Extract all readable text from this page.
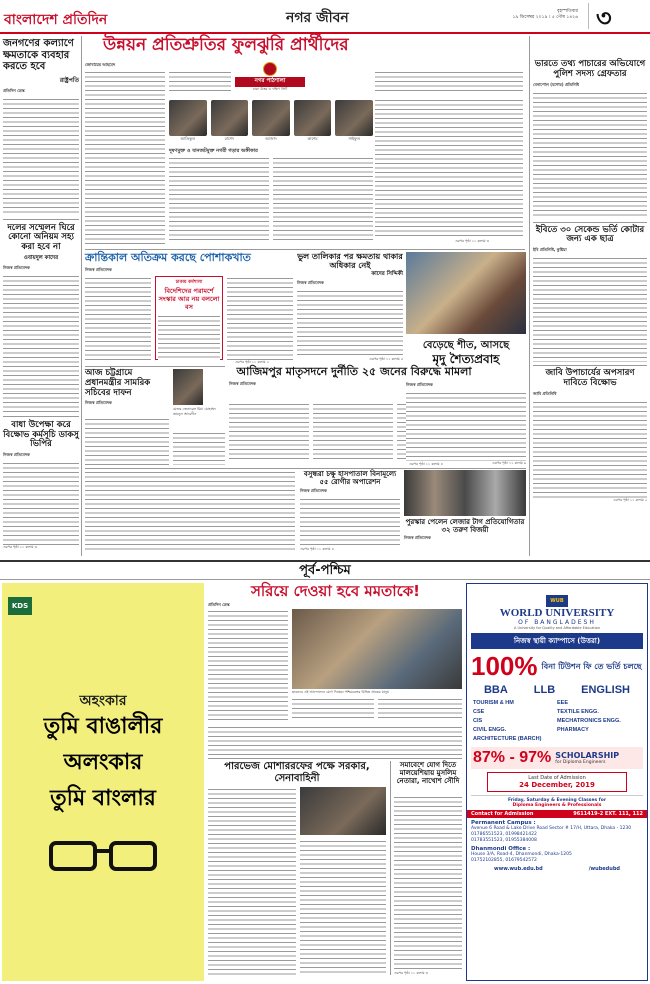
বাংলাদেশ প্রতিদিন	নগর জীবন	বৃহস্পতিবার
১৯ ডিসেম্বর ২০১৯ । ৫ পৌষ ১৪২৬ ৩
জনগণের কল্যাণে ক্ষমতাকে ব্যবহার করতে হবে
রাষ্ট্রপতি
প্রতিদিন ডেস্ক
দলের সম্মেলন ঘিরে কোনো অনিয়ম সহ্য করা হবে না
ওবায়দুল কাদের
নিজস্ব প্রতিবেদক
বাধা উপেক্ষা করে বিক্ষোভ কর্মসূচি ডাকসু ভিপির
নিজস্ব প্রতিবেদক
এরপর পৃষ্ঠা ১১ কলাম ৩
উন্নয়ন প্রতিশ্রুতির ফুলঝুরি প্রার্থীদের
জোবায়ের আহমেদ
নগর পাঠশালা
ঢাকা উত্তর ও দক্ষিণ সিটি
আতিকুল	রাশেদ	আজাদ	কাশেম	সাইফুল
দূষণমুক্ত ও যানজটমুক্ত নগরী গড়ার অঙ্গীকার
এরপর পৃষ্ঠা ১১ কলাম ৩
ভারতে তথ্য পাচারের অভিযোগে পুলিশ সদস্য গ্রেফতার
বেনাপোল (যশোর) প্রতিনিধি
ইবিতে ৩০ সেকেন্ড ভর্তি কোটার জন্য এক ছাত্র
ইবি প্রতিনিধি, কুষ্টিয়া
জাবি উপাচার্যের অপসারণ দাবিতে বিক্ষোভ
জাবি প্রতিনিধি
এরপর পৃষ্ঠা ১১ কলাম ২
ক্রান্তিকাল অতিক্রম করছে পোশাকখাত
নিজস্ব প্রতিবেদক
ঢাকায় কর্মশালা
বিদেশিদের পরামর্শে সংস্কার আর নয় বললো বস
এরপর পৃষ্ঠা ১১ কলাম ২
আজ চট্টগ্রামে প্রধানমন্ত্রীর সামরিক সচিবের দাফন
নিজস্ব প্রতিবেদক
মেজর জেনারেল মিয়া মোহাম্মদ জয়নুল আবেদীন
আজিমপুর মাতৃসদনে দুর্নীতি ২৫ জনের বিরুদ্ধে মামলা
নিজস্ব প্রতিবেদক
এরপর পৃষ্ঠা ১১ কলাম ৪
ভুল তালিকার পর ক্ষমতায় থাকার অধিকার নেই
কাদের সিদ্দিকী
নিজস্ব প্রতিবেদক
এরপর পৃষ্ঠা ১১ কলাম ৫
বেড়েছে শীত, আসছে
মৃদু শৈত্যপ্রবাহ
নিজস্ব প্রতিবেদক
এরপর পৃষ্ঠা ১১ কলাম ৬
বসুন্ধরা চক্ষু হাসপাতাল বিনামূল্যে ৫৫ রোগীর অপারেশন
নিজস্ব প্রতিবেদক
এরপর পৃষ্ঠা ১১ কলাম ৪
পুরস্কার পেলেন লেজার টাগ প্রতিযোগিতার ৩২ তরুণ বিজয়ী
নিজস্ব প্রতিবেদক
পূর্ব-পশ্চিম
KDS
অহংকার
তুমি বাঙালীর
অলংকার
তুমি বাংলার
সরিয়ে দেওয়া হবে মমতাকে!
প্রতিদিন ডেস্ক
ছাত্রদের এই আন্দোলনে যোগ দিচ্ছেন পশ্চিমবঙ্গের বিভিন্ন প্রান্তের মানুষ
পারভেজ মোশাররফের পক্ষে সরকার, সেনাবাহিনী
সমাবেশে যোগ দিতে মালয়েশিয়ায় মুসলিম নেতারা, নাখোশ সৌদি
এরপর পৃষ্ঠা ১১ কলাম ৩
WUB
WORLD UNIVERSITY
OF BANGLADESH
A University for Quality and Affordable Education
নিজস্ব স্থায়ী ক্যাম্পাসে (উত্তরা)
100% বিনা টিউশন ফি তে ভর্তি চলছে
BBA LLB ENGLISH
TOURISM & HM
CSE
CIS
CIVIL ENGG.
ARCHITECTURE (BARCH)
EEE
TEXTILE ENGG.
MECHATRONICS ENGG.
PHARMACY
87% - 97% SCHOLARSHIP
for Diploma Engineers
Last Date of Admission
24 December, 2019
Friday, Saturday & Evening Classes for
Diploma Engineers & Professionals
Contact for Admission	9611419-2 EXT. 111, 112
Permanent Campus :
Avenue 6 Road & Lake Drive Road Sector # 17/H, Uttara, Dhaka - 1230
01786551523, 01998421422
01783551523, 01955384008
Dhanmondi Office :
House 3/A, Road-4, Dhanmondi, Dhaka-1205
01752102855, 01679542572
www.wub.edu.bd	/wubedubd
